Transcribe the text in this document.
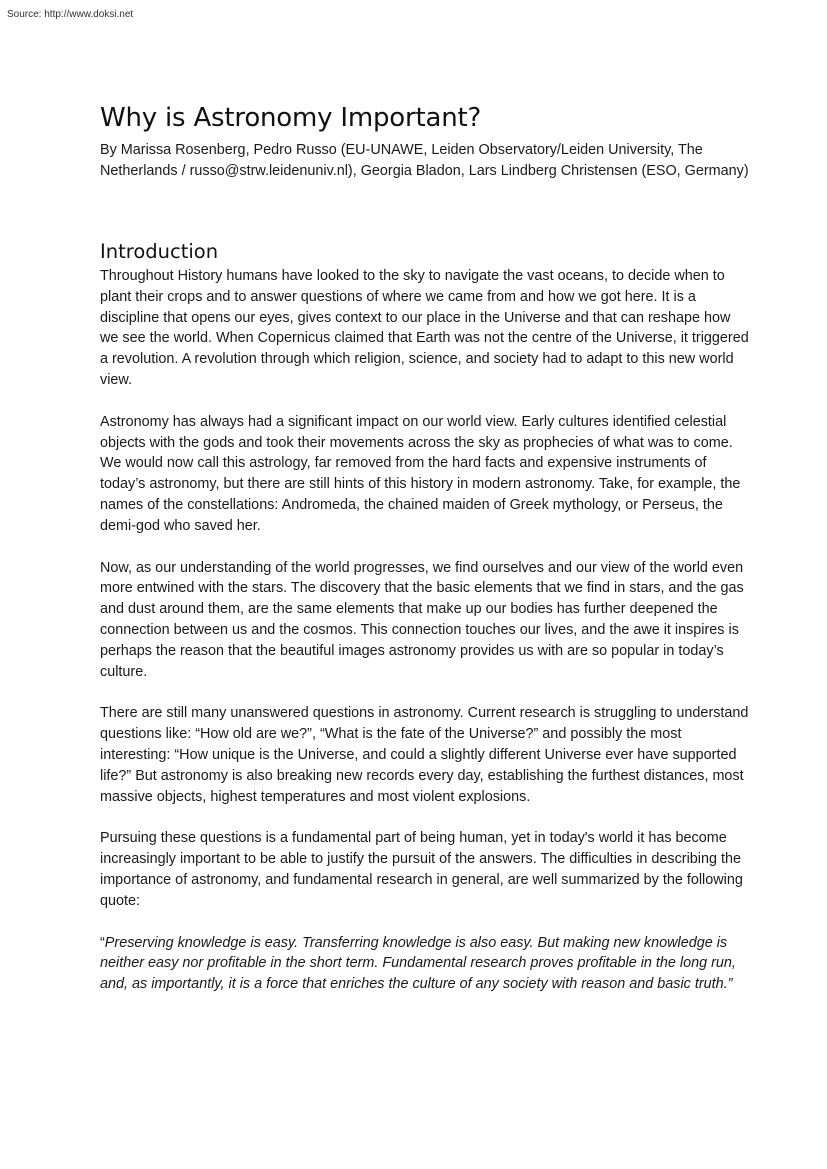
Source: http://www.doksi.net
Why is Astronomy Important?

By Marissa Rosenberg, Pedro Russo (EU-UNAWE, Leiden Observatory/Leiden University, The Netherlands / russo@strw.leidenuniv.nl), Georgia Bladon, Lars Lindberg Christensen (ESO, Germany)

Introduction

Throughout History humans have looked to the sky to navigate the vast oceans, to decide when to plant their crops and to answer questions of where we came from and how we got here. It is a discipline that opens our eyes, gives context to our place in the Universe and that can reshape how we see the world. When Copernicus claimed that Earth was not the centre of the Universe, it triggered a revolution. A revolution through which religion, science, and society had to adapt to this new world view.

Astronomy has always had a significant impact on our world view. Early cultures identified celestial objects with the gods and took their movements across the sky as prophecies of what was to come. We would now call this astrology, far removed from the hard facts and expensive instruments of today’s astronomy, but there are still hints of this history in modern astronomy. Take, for example, the names of the constellations: Andromeda, the chained maiden of Greek mythology, or Perseus, the demi-god who saved her.

Now, as our understanding of the world progresses, we find ourselves and our view of the world even more entwined with the stars. The discovery that the basic elements that we find in stars, and the gas and dust around them, are the same elements that make up our bodies has further deepened the connection between us and the cosmos. This connection touches our lives, and the awe it inspires is perhaps the reason that the beautiful images astronomy provides us with are so popular in today’s culture.

There are still many unanswered questions in astronomy. Current research is struggling to understand questions like: “How old are we?”, “What is the fate of the Universe?” and possibly the most interesting: “How unique is the Universe, and could a slightly different Universe ever have supported life?” But astronomy is also breaking new records every day, establishing the furthest distances, most massive objects, highest temperatures and most violent explosions.

Pursuing these questions is a fundamental part of being human, yet in today's world it has become increasingly important to be able to justify the pursuit of the answers. The difficulties in describing the importance of astronomy, and fundamental research in general, are well summarized by the following quote:

“Preserving knowledge is easy. Transferring knowledge is also easy. But making new knowledge is neither easy nor profitable in the short term. Fundamental research proves profitable in the long run, and, as importantly, it is a force that enriches the culture of any society with reason and basic truth.”
